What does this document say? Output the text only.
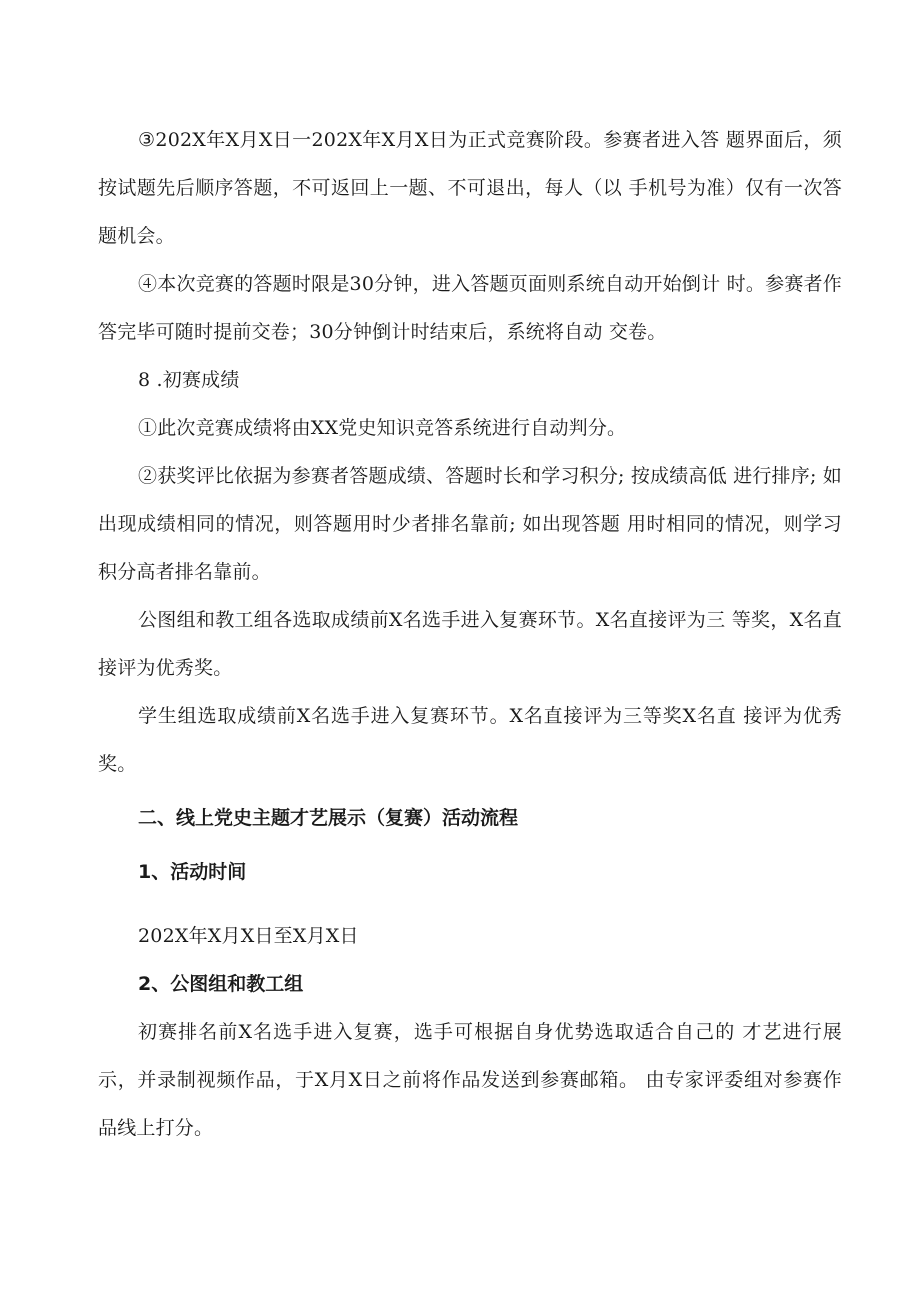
③202X年X月X日一202X年X月X日为正式竞赛阶段。参赛者进入答 题界面后，须按试题先后顺序答题，不可返回上一题、不可退出，每人（以 手机号为准）仅有一次答题机会。

④本次竞赛的答题时限是30分钟，进入答题页面则系统自动开始倒计 时。参赛者作答完毕可随时提前交卷；30分钟倒计时结束后，系统将自动 交卷。

8 .初赛成绩

①此次竞赛成绩将由XX党史知识竞答系统进行自动判分。

②获奖评比依据为参赛者答题成绩、答题时长和学习积分; 按成绩高低 进行排序; 如出现成绩相同的情况，则答题用时少者排名靠前; 如出现答题 用时相同的情况，则学习积分高者排名靠前。

公图组和教工组各选取成绩前X名选手进入复赛环节。X名直接评为三 等奖，X名直接评为优秀奖。

学生组选取成绩前X名选手进入复赛环节。X名直接评为三等奖X名直 接评为优秀奖。

二、线上党史主题才艺展示（复赛）活动流程

1、活动时间

202X年X月X日至X月X日

2、公图组和教工组

初赛排名前X名选手进入复赛，选手可根据自身优势选取适合自己的 才艺进行展示，并录制视频作品，于X月X日之前将作品发送到参赛邮箱。 由专家评委组对参赛作品线上打分。
